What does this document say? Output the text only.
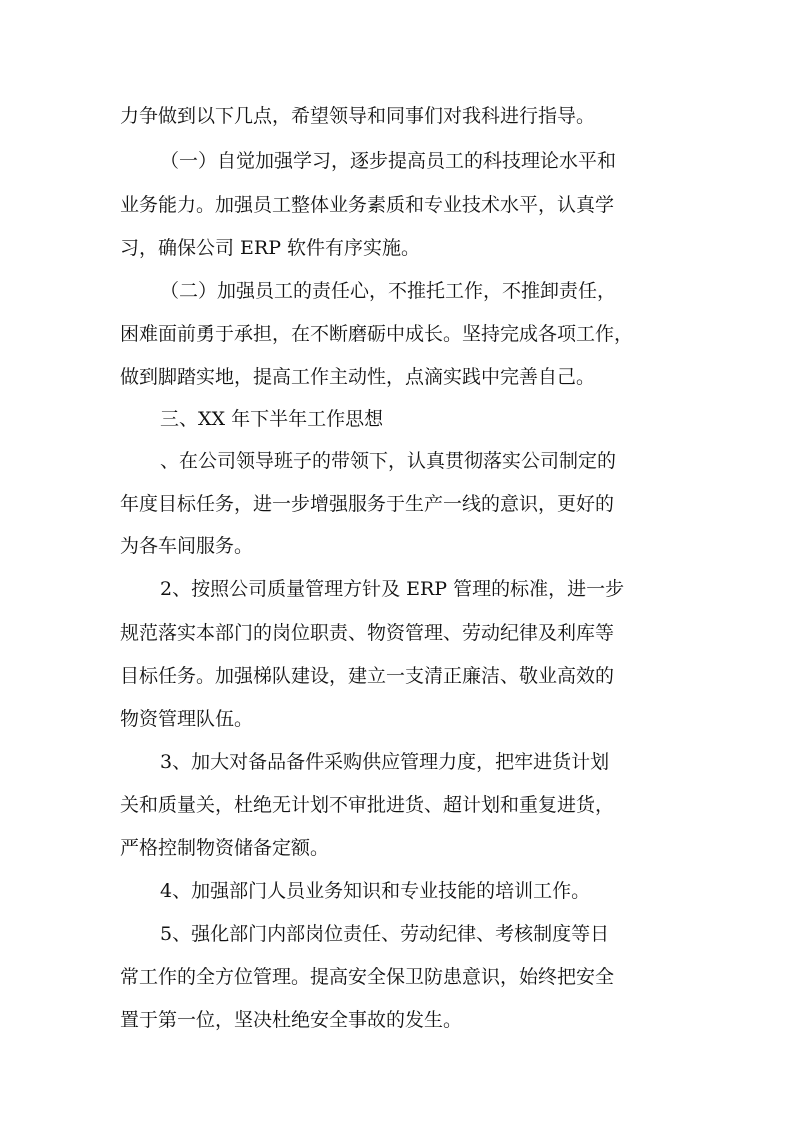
力争做到以下几点，希望领导和同事们对我科进行指导。
（一）自觉加强学习，逐步提高员工的科技理论水平和
业务能力。加强员工整体业务素质和专业技术水平，认真学
习，确保公司 ERP 软件有序实施。
（二）加强员工的责任心，不推托工作，不推卸责任，
困难面前勇于承担，在不断磨砺中成长。坚持完成各项工作，
做到脚踏实地，提高工作主动性，点滴实践中完善自己。
三、XX 年下半年工作思想
、在公司领导班子的带领下，认真贯彻落实公司制定的
年度目标任务，进一步增强服务于生产一线的意识，更好的
为各车间服务。
2、按照公司质量管理方针及 ERP 管理的标准，进一步
规范落实本部门的岗位职责、物资管理、劳动纪律及利库等
目标任务。加强梯队建设，建立一支清正廉洁、敬业高效的
物资管理队伍。
3、加大对备品备件采购供应管理力度，把牢进货计划
关和质量关，杜绝无计划不审批进货、超计划和重复进货，
严格控制物资储备定额。
4、加强部门人员业务知识和专业技能的培训工作。
5、强化部门内部岗位责任、劳动纪律、考核制度等日
常工作的全方位管理。提高安全保卫防患意识，始终把安全
置于第一位，坚决杜绝安全事故的发生。
